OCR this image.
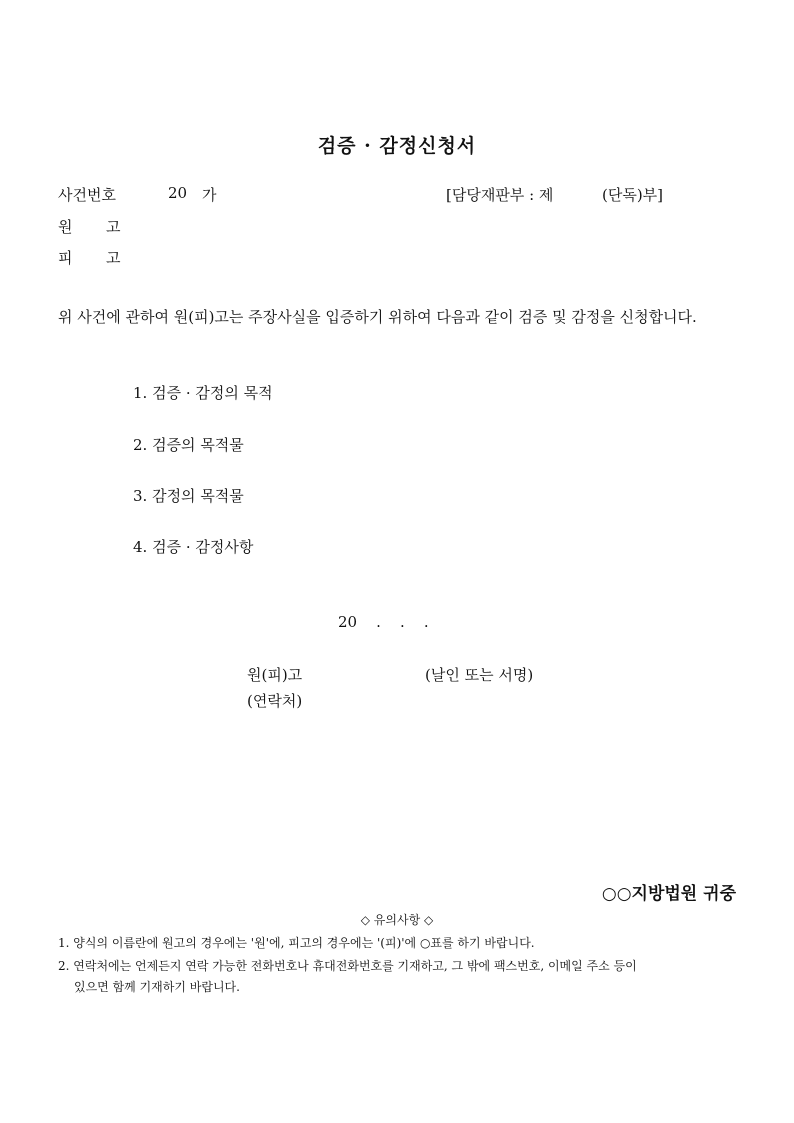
검증 · 감정신청서
사건번호	20 가	[담당재판부 : 제	(단독)부]
원 고
피 고
위 사건에 관하여 원(피)고는 주장사실을 입증하기 위하여 다음과 같이 검증 및 감정을 신청합니다.
1. 검증 · 감정의 목적
2. 검증의 목적물
3. 감정의 목적물
4. 검증 · 감정사항
20    .    .    .
원(피)고	(날인 또는 서명)
(연락처)
○○지방법원 귀중
◇ 유의사항 ◇
1. 양식의 이름란에 원고의 경우에는 '원'에, 피고의 경우에는 '(피)'에 ○표를 하기 바랍니다.
2. 연락처에는 언제든지 연락 가능한 전화번호나 휴대전화번호를 기재하고, 그 밖에 팩스번호, 이메일 주소 등이
있으면 함께 기재하기 바랍니다.
